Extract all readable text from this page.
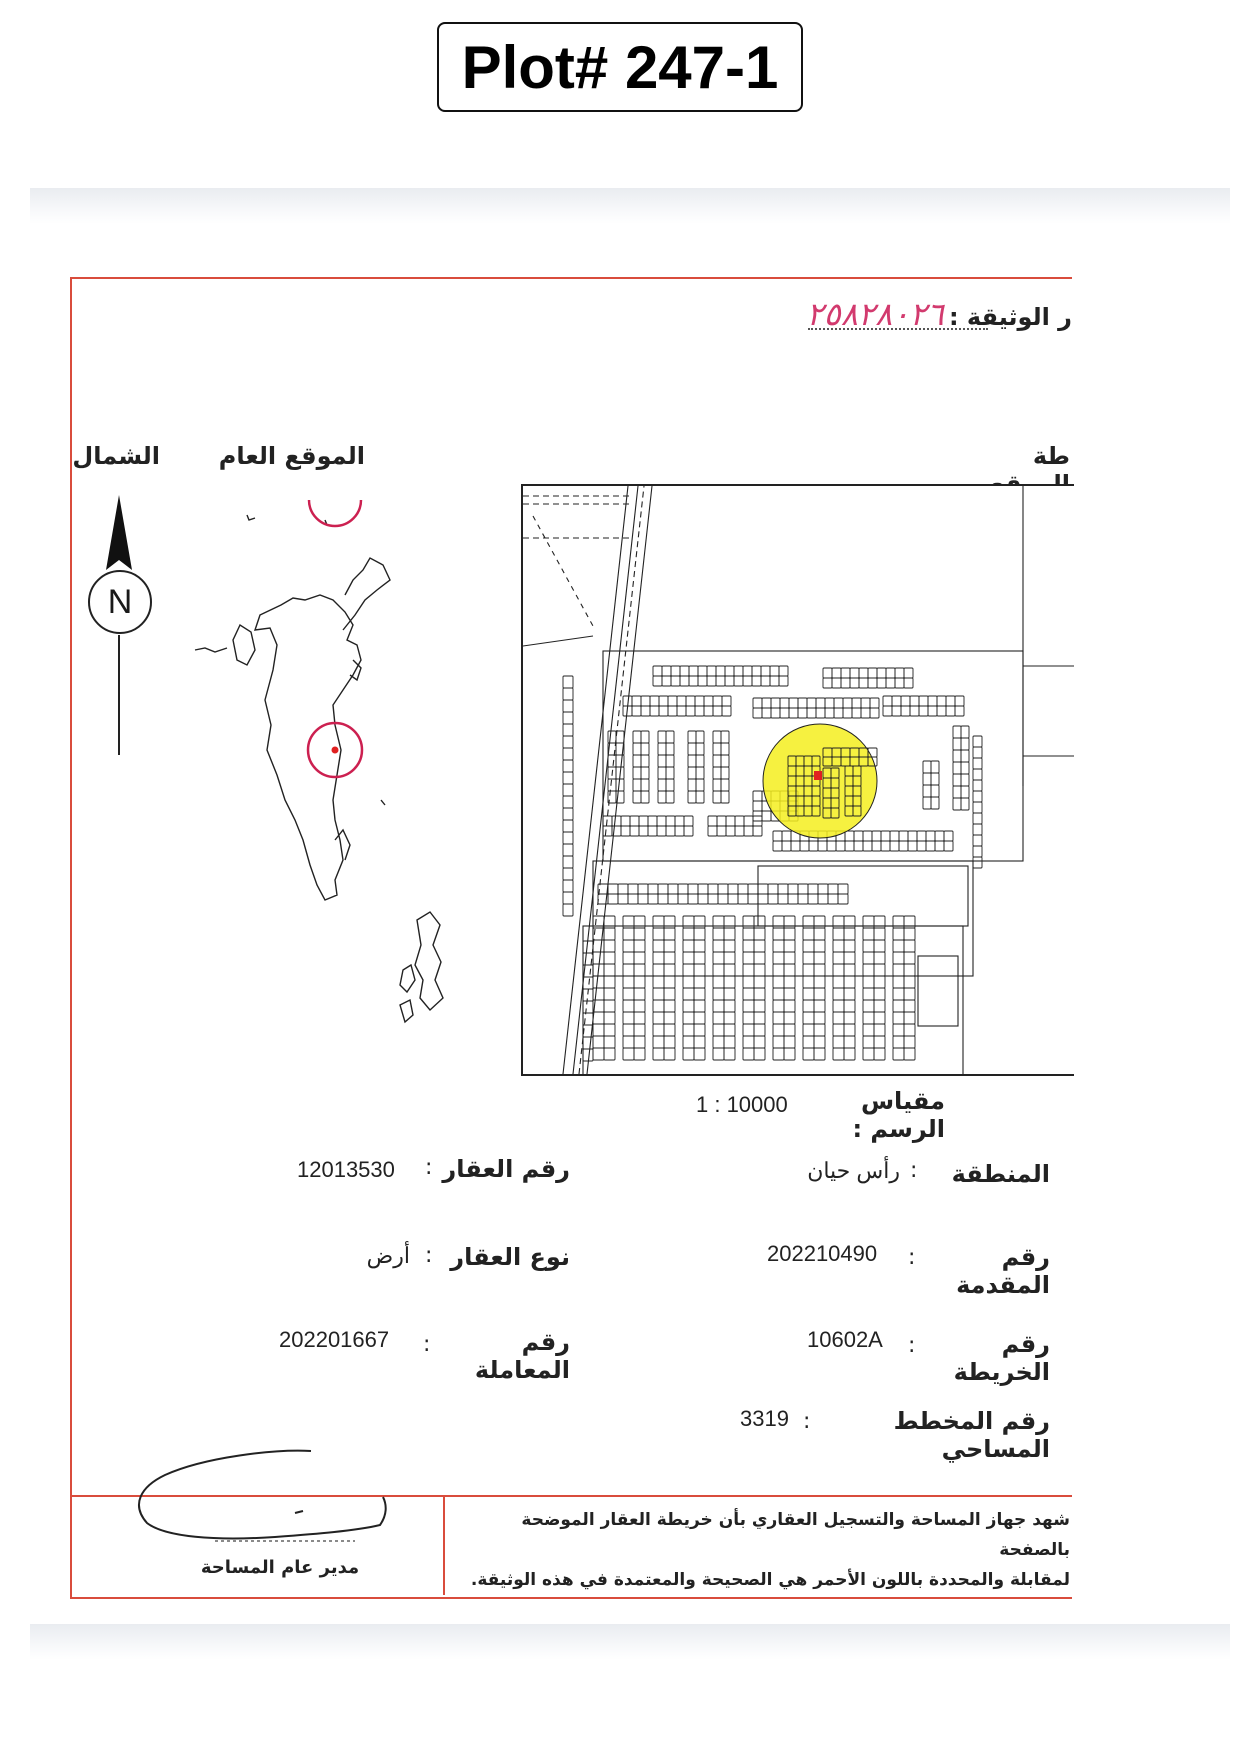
Plot# 247-1
ر الوثيقة : ٢٥٨٢٨٠٢٦
طة
الموقع العام
الشمال
N
مقياس الرسم :
1 : 10000
المنطقة
:
رأس حيان
رقم العقار
:
12013530
رقم المقدمة
:
202210490
نوع العقار
:
أرض
رقم الخريطة
:
10602A
رقم المعاملة
:
202201667
رقم المخطط المساحي
:
3319
شهد جهاز المساحة والتسجيل العقاري بأن خريطة العقار الموضحة بالصفحة
لمقابلة والمحددة باللون الأحمر هي الصحيحة والمعتمدة في هذه الوثيقة.
مدير عام المساحة
